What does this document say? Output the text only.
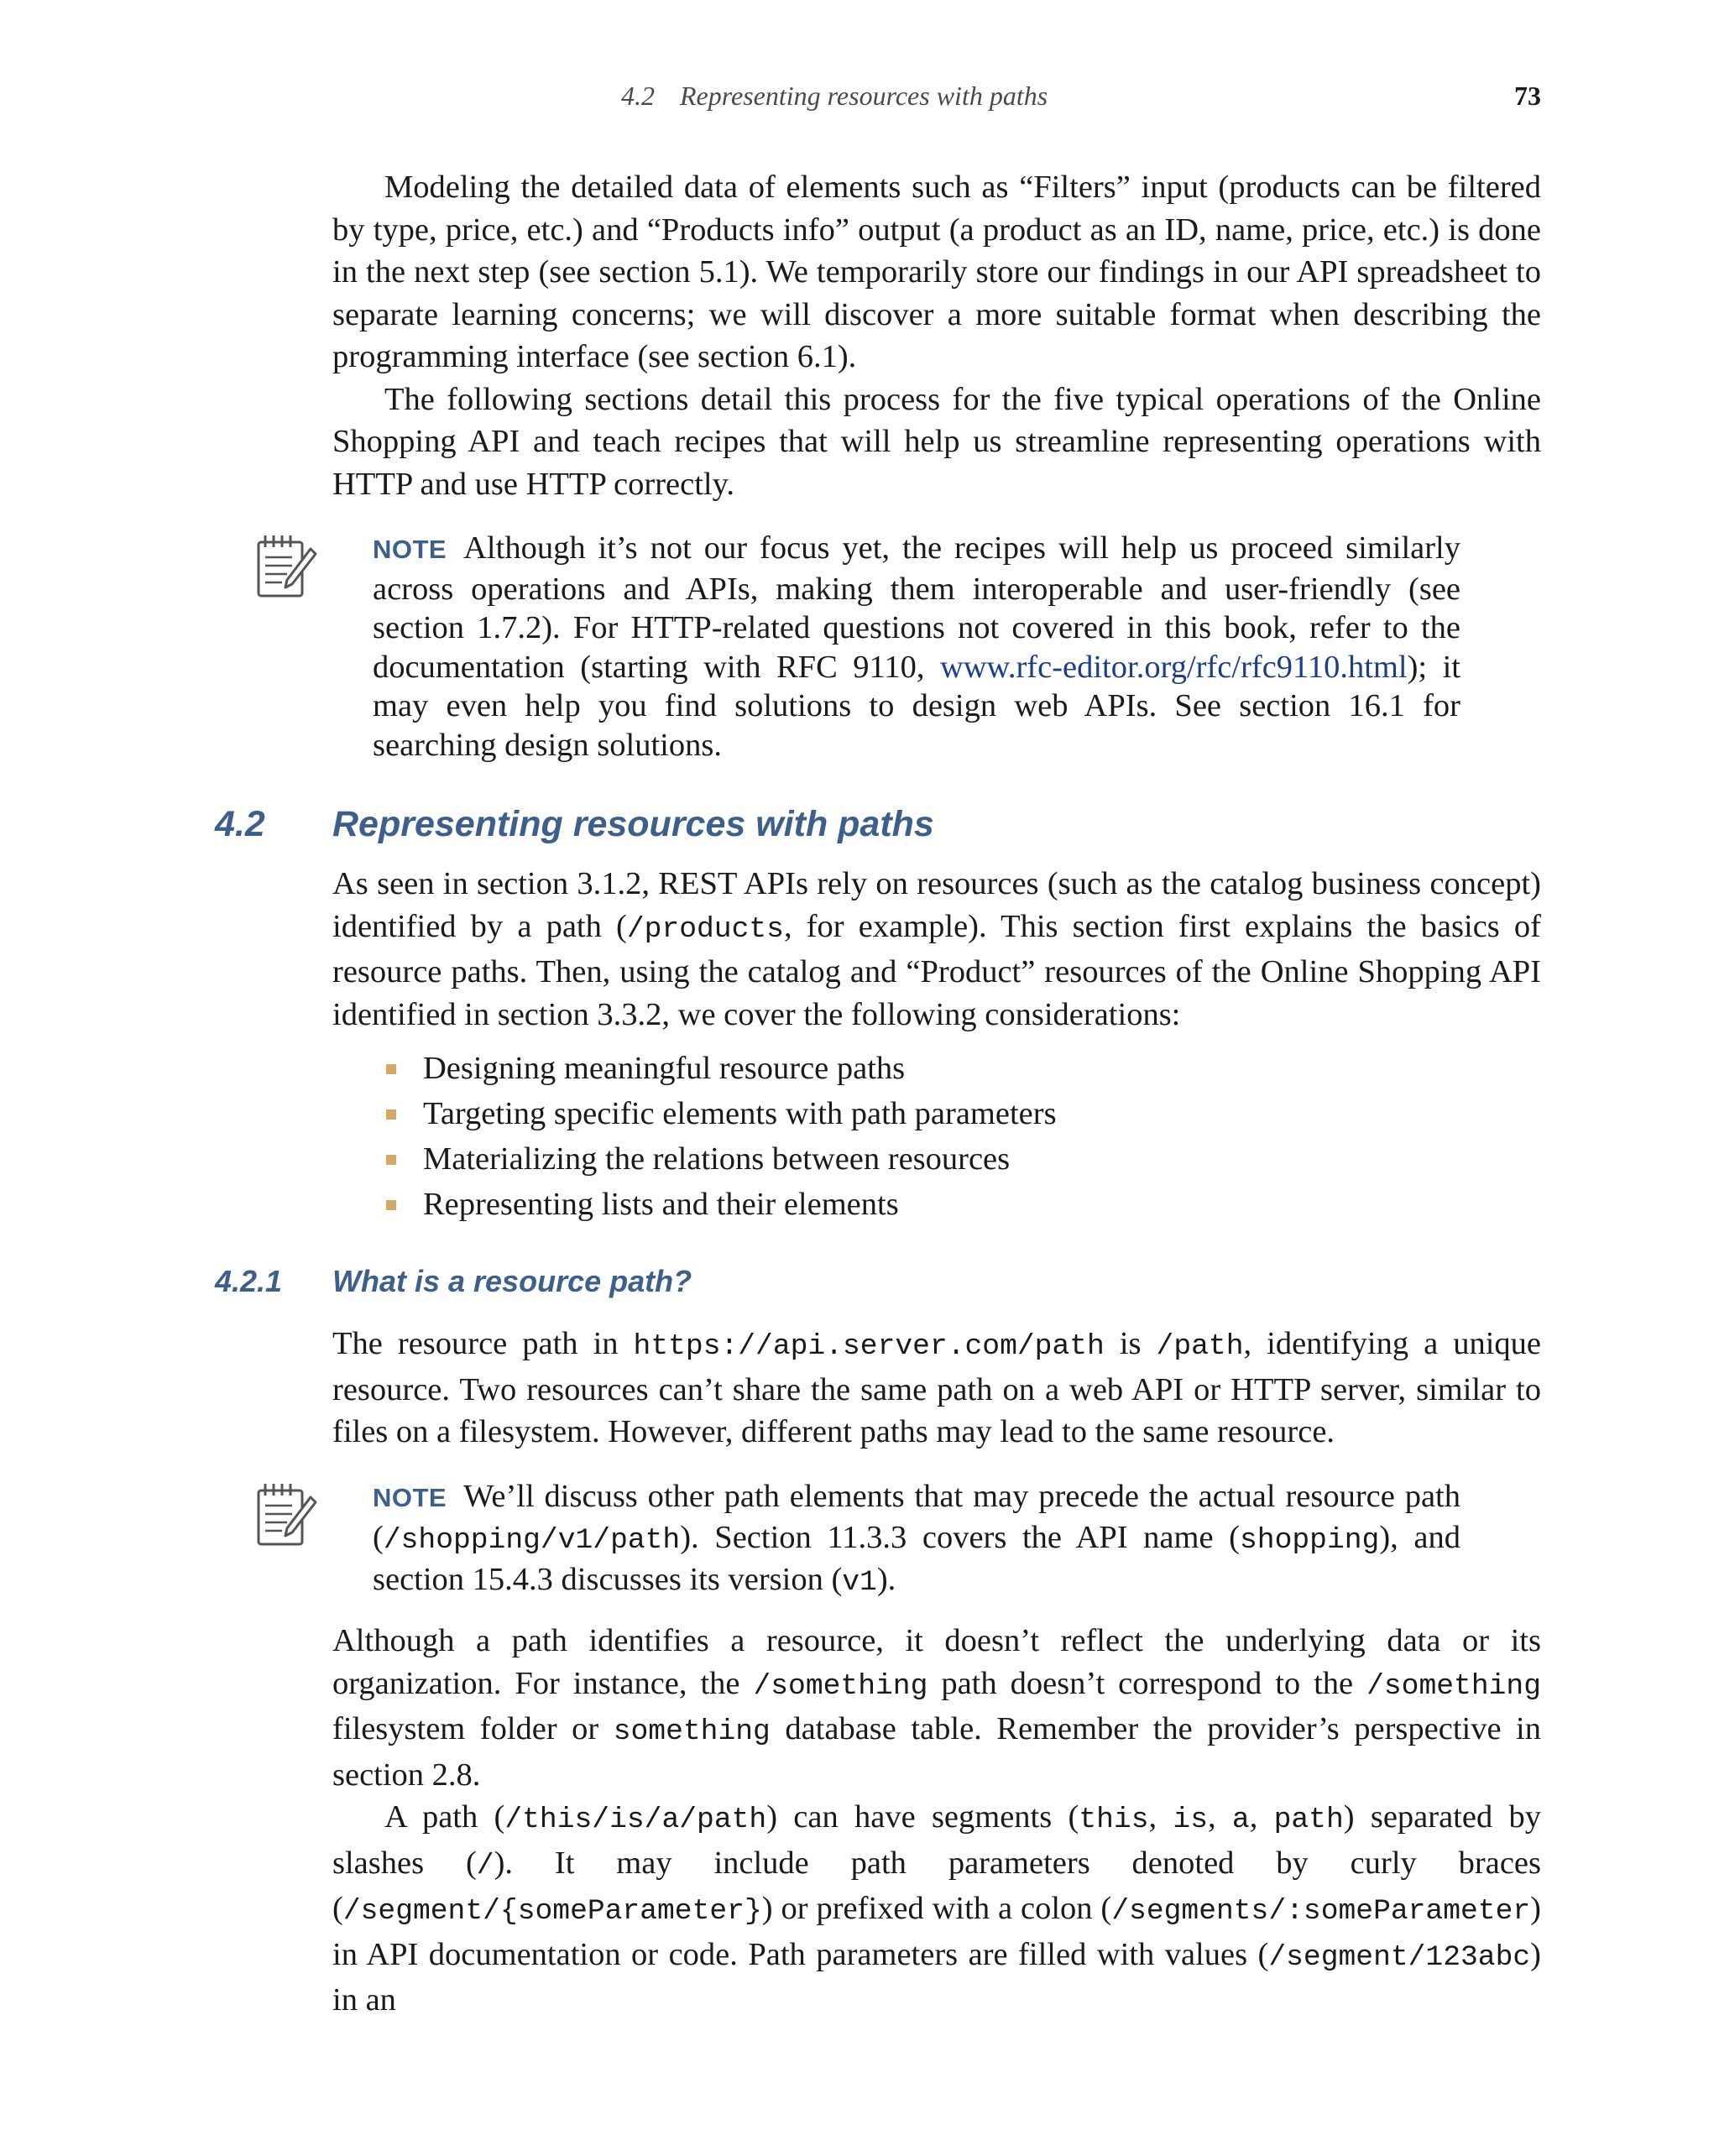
4.2 Representing resources with paths	73

Modeling the detailed data of elements such as “Filters” input (products can be filtered by type, price, etc.) and “Products info” output (a product as an ID, name, price, etc.) is done in the next step (see section 5.1). We temporarily store our findings in our API spreadsheet to separate learning concerns; we will discover a more suitable format when describing the programming interface (see section 6.1).

The following sections detail this process for the five typical operations of the Online Shopping API and teach recipes that will help us streamline representing operations with HTTP and use HTTP correctly.

NOTE Although it’s not our focus yet, the recipes will help us proceed similarly across operations and APIs, making them interoperable and user-friendly (see section 1.7.2). For HTTP-related questions not covered in this book, refer to the documentation (starting with RFC 9110, www.rfc-editor.org/rfc/rfc9110.html); it may even help you find solutions to design web APIs. See section 16.1 for searching design solutions.
4.2 Representing resources with paths

As seen in section 3.1.2, REST APIs rely on resources (such as the catalog business concept) identified by a path (/products, for example). This section first explains the basics of resource paths. Then, using the catalog and “Product” resources of the Online Shopping API identified in section 3.3.2, we cover the following considerations:

Designing meaningful resource paths
Targeting specific elements with path parameters
Materializing the relations between resources
Representing lists and their elements
4.2.1 What is a resource path?

The resource path in https://api.server.com/path is /path, identifying a unique resource. Two resources can’t share the same path on a web API or HTTP server, similar to files on a filesystem. However, different paths may lead to the same resource.

NOTE We’ll discuss other path elements that may precede the actual resource path (/shopping/v1/path). Section 11.3.3 covers the API name (shopping), and section 15.4.3 discusses its version (v1).

Although a path identifies a resource, it doesn’t reflect the underlying data or its organization. For instance, the /something path doesn’t correspond to the /something filesystem folder or something database table. Remember the provider’s perspective in section 2.8.

A path (/this/is/a/path) can have segments (this, is, a, path) separated by slashes (/). It may include path parameters denoted by curly braces (/segment/{someParameter}) or prefixed with a colon (/segments/:someParameter) in API documentation or code. Path parameters are filled with values (/segment/123abc) in an
